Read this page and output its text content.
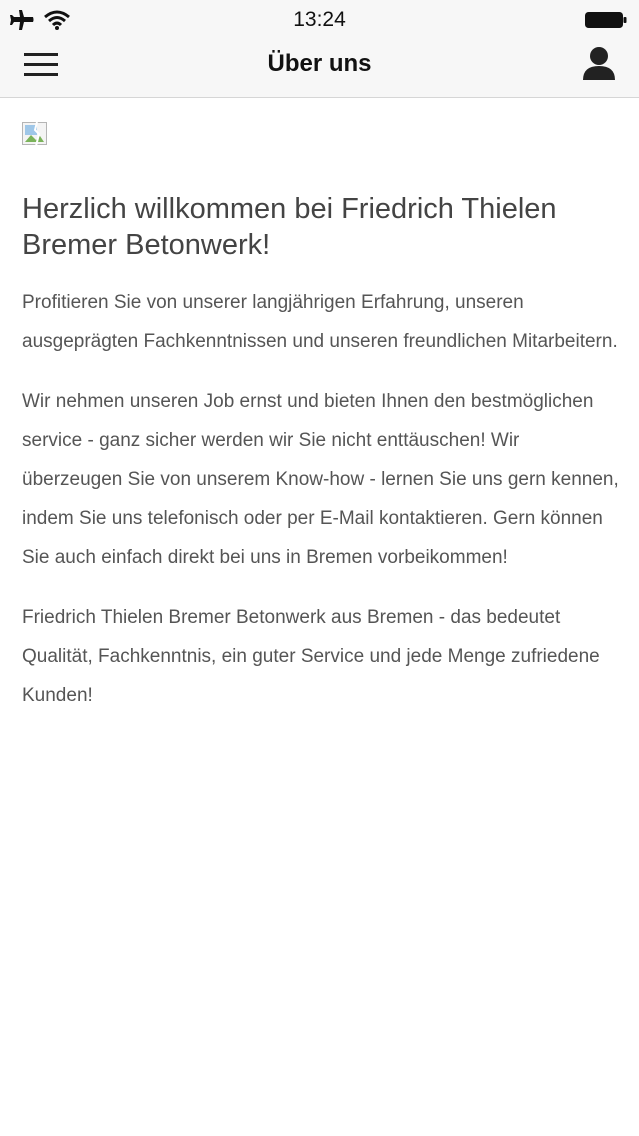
13:24
Über uns
Herzlich willkommen bei Friedrich Thielen Bremer Betonwerk!

Profitieren Sie von unserer langjährigen Erfahrung, unseren ausgeprägten Fachkenntnissen und unseren freundlichen Mitarbeitern.

Wir nehmen unseren Job ernst und bieten Ihnen den bestmöglichen service - ganz sicher werden wir Sie nicht enttäuschen! Wir überzeugen Sie von unserem Know-how - lernen Sie uns gern kennen, indem Sie uns telefonisch oder per E-Mail kontaktieren. Gern können Sie auch einfach direkt bei uns in Bremen vorbeikommen!

Friedrich Thielen Bremer Betonwerk aus Bremen - das bedeutet Qualität, Fachkenntnis, ein guter Service und jede Menge zufriedene Kunden!
